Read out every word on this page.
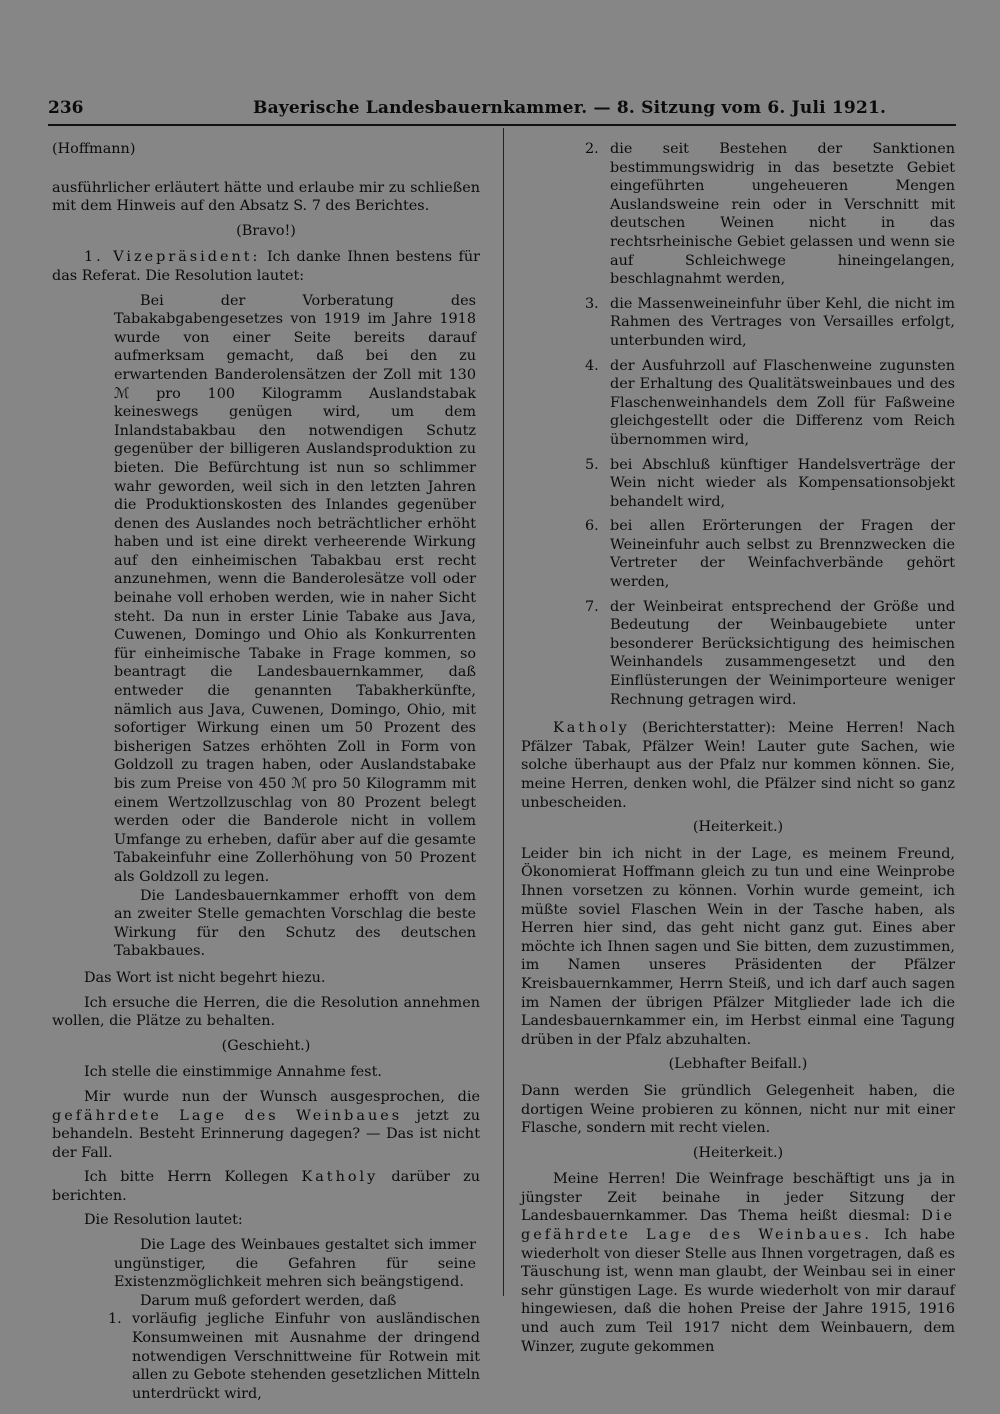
236	Bayerische Landesbauernkammer. — 8. Sitzung vom 6. Juli 1921.

(Hoffmann)

ausführlicher erläutert hätte und erlaube mir zu schließen mit dem Hinweis auf den Absatz S. 7 des Berichtes.

(Bravo!)

1. Vizepräsident: Ich danke Ihnen bestens für das Referat. Die Resolution lautet:

Bei der Vorberatung des Tabakabgabengesetzes von 1919 im Jahre 1918 wurde von einer Seite bereits darauf aufmerksam gemacht, daß bei den zu erwartenden Banderolensätzen der Zoll mit 130 ℳ pro 100 Kilogramm Auslandstabak keineswegs genügen wird, um dem Inlandstabakbau den notwendigen Schutz gegenüber der billigeren Auslandsproduktion zu bieten. Die Befürchtung ist nun so schlimmer wahr geworden, weil sich in den letzten Jahren die Produktionskosten des Inlandes gegenüber denen des Auslandes noch beträchtlicher erhöht haben und ist eine direkt verheerende Wirkung auf den einheimischen Tabakbau erst recht anzunehmen, wenn die Banderolesätze voll oder beinahe voll erhoben werden, wie in naher Sicht steht. Da nun in erster Linie Tabake aus Java, Cuwenen, Domingo und Ohio als Konkurrenten für einheimische Tabake in Frage kommen, so beantragt die Landesbauernkammer, daß entweder die genannten Tabakherkünfte, nämlich aus Java, Cuwenen, Domingo, Ohio, mit sofortiger Wirkung einen um 50 Prozent des bisherigen Satzes erhöhten Zoll in Form von Goldzoll zu tragen haben, oder Auslandstabake bis zum Preise von 450 ℳ pro 50 Kilogramm mit einem Wertzollzuschlag von 80 Prozent belegt werden oder die Banderole nicht in vollem Umfange zu erheben, dafür aber auf die gesamte Tabakeinfuhr eine Zollerhöhung von 50 Prozent als Goldzoll zu legen.

Die Landesbauernkammer erhofft von dem an zweiter Stelle gemachten Vorschlag die beste Wirkung für den Schutz des deutschen Tabakbaues.

Das Wort ist nicht begehrt hiezu.

Ich ersuche die Herren, die die Resolution annehmen wollen, die Plätze zu behalten.

(Geschieht.)

Ich stelle die einstimmige Annahme fest.

Mir wurde nun der Wunsch ausgesprochen, die gefährdete Lage des Weinbaues jetzt zu behandeln. Besteht Erinnerung dagegen? — Das ist nicht der Fall.

Ich bitte Herrn Kollegen Katholy darüber zu berichten.

Die Resolution lautet:

Die Lage des Weinbaues gestaltet sich immer ungünstiger, die Gefahren für seine Existenzmöglichkeit mehren sich beängstigend.

Darum muß gefordert werden, daß

1. vorläufig jegliche Einfuhr von ausländischen Konsumweinen mit Ausnahme der dringend notwendigen Verschnittweine für Rotwein mit allen zu Gebote stehenden gesetzlichen Mitteln unterdrückt wird,
2. die seit Bestehen der Sanktionen bestimmungswidrig in das besetzte Gebiet eingeführten ungeheueren Mengen Auslandsweine rein oder in Verschnitt mit deutschen Weinen nicht in das rechtsrheinische Gebiet gelassen und wenn sie auf Schleichwege hineingelangen, beschlagnahmt werden,
3. die Massenweineinfuhr über Kehl, die nicht im Rahmen des Vertrages von Versailles erfolgt, unterbunden wird,
4. der Ausfuhrzoll auf Flaschenweine zugunsten der Erhaltung des Qualitätsweinbaues und des Flaschenweinhandels dem Zoll für Faßweine gleichgestellt oder die Differenz vom Reich übernommen wird,
5. bei Abschluß künftiger Handelsverträge der Wein nicht wieder als Kompensationsobjekt behandelt wird,
6. bei allen Erörterungen der Fragen der Weineinfuhr auch selbst zu Brennzwecken die Vertreter der Weinfachverbände gehört werden,
7. der Weinbeirat entsprechend der Größe und Bedeutung der Weinbaugebiete unter besonderer Berücksichtigung des heimischen Weinhandels zusammengesetzt und den Einflüsterungen der Weinimporteure weniger Rechnung getragen wird.

Katholy (Berichterstatter): Meine Herren! Nach Pfälzer Tabak, Pfälzer Wein! Lauter gute Sachen, wie solche überhaupt aus der Pfalz nur kommen können. Sie, meine Herren, denken wohl, die Pfälzer sind nicht so ganz unbescheiden.

(Heiterkeit.)

Leider bin ich nicht in der Lage, es meinem Freund, Ökonomierat Hoffmann gleich zu tun und eine Weinprobe Ihnen vorsetzen zu können. Vorhin wurde gemeint, ich müßte soviel Flaschen Wein in der Tasche haben, als Herren hier sind, das geht nicht ganz gut. Eines aber möchte ich Ihnen sagen und Sie bitten, dem zuzustimmen, im Namen unseres Präsidenten der Pfälzer Kreisbauernkammer, Herrn Steiß, und ich darf auch sagen im Namen der übrigen Pfälzer Mitglieder lade ich die Landesbauernkammer ein, im Herbst einmal eine Tagung drüben in der Pfalz abzuhalten.

(Lebhafter Beifall.)

Dann werden Sie gründlich Gelegenheit haben, die dortigen Weine probieren zu können, nicht nur mit einer Flasche, sondern mit recht vielen.

(Heiterkeit.)

Meine Herren! Die Weinfrage beschäftigt uns ja in jüngster Zeit beinahe in jeder Sitzung der Landesbauernkammer. Das Thema heißt diesmal: Die gefährdete Lage des Weinbaues. Ich habe wiederholt von dieser Stelle aus Ihnen vorgetragen, daß es Täuschung ist, wenn man glaubt, der Weinbau sei in einer sehr günstigen Lage. Es wurde wiederholt von mir darauf hingewiesen, daß die hohen Preise der Jahre 1915, 1916 und auch zum Teil 1917 nicht dem Weinbauern, dem Winzer, zugute gekommen
